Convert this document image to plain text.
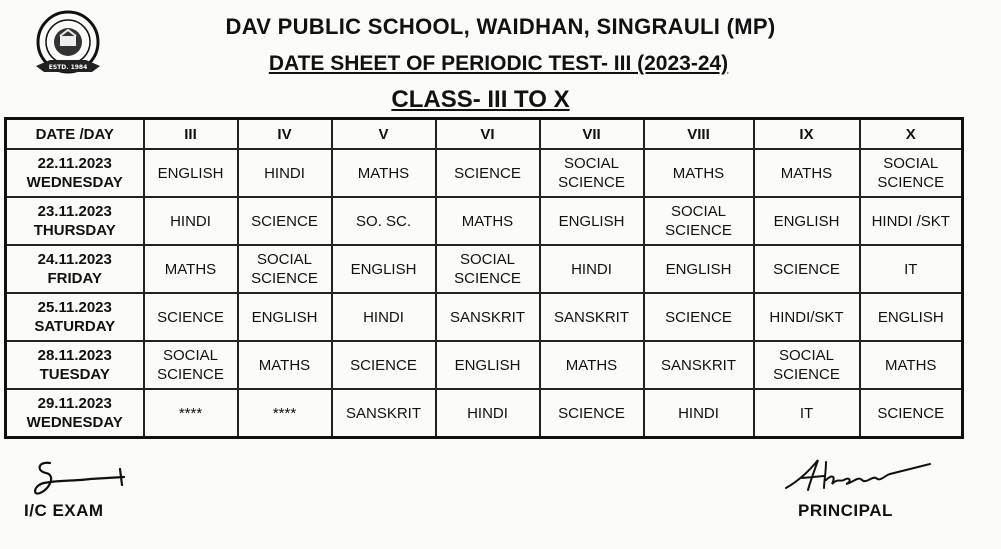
ESTD. 1984
DAV PUBLIC SCHOOL, WAIDHAN, SINGRAULI (MP)
DATE SHEET OF PERIODIC TEST- III (2023-24)
CLASS- III TO X
DATE /DAY	III	IV	V	VI	VII	VIII	IX	X
22.11.2023
WEDNESDAY	ENGLISH	HINDI	MATHS	SCIENCE	SOCIAL SCIENCE	MATHS	MATHS	SOCIAL SCIENCE
23.11.2023
THURSDAY	HINDI	SCIENCE	SO. SC.	MATHS	ENGLISH	SOCIAL SCIENCE	ENGLISH	HINDI /SKT
24.11.2023
FRIDAY	MATHS	SOCIAL SCIENCE	ENGLISH	SOCIAL SCIENCE	HINDI	ENGLISH	SCIENCE	IT
25.11.2023
SATURDAY	SCIENCE	ENGLISH	HINDI	SANSKRIT	SANSKRIT	SCIENCE	HINDI/SKT	ENGLISH
28.11.2023
TUESDAY	SOCIAL SCIENCE	MATHS	SCIENCE	ENGLISH	MATHS	SANSKRIT	SOCIAL SCIENCE	MATHS
29.11.2023
WEDNESDAY	****	****	SANSKRIT	HINDI	SCIENCE	HINDI	IT	SCIENCE
I/C EXAM	PRINCIPAL
